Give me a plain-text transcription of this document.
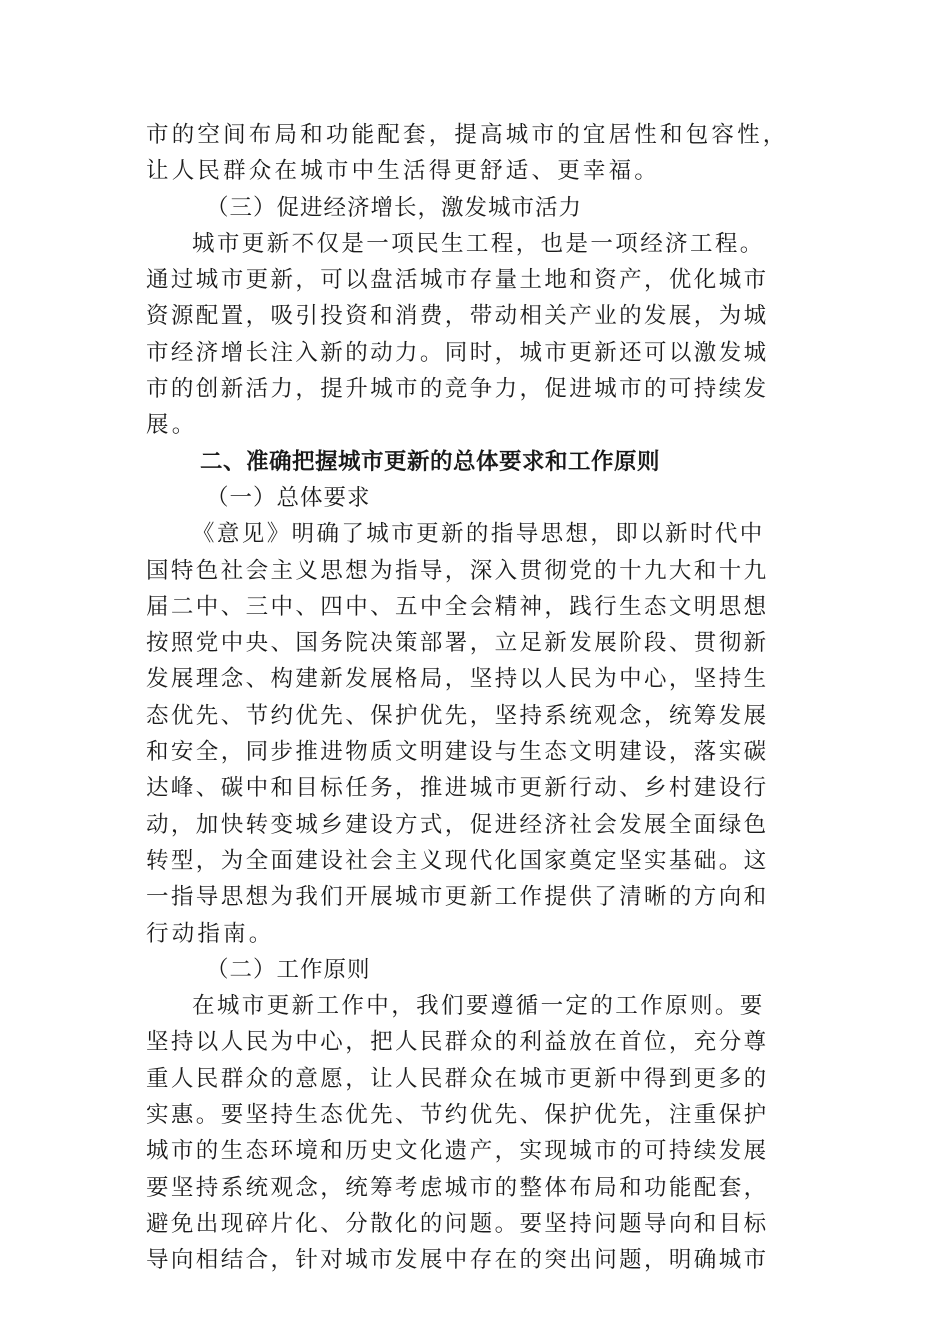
市的空间布局和功能配套，提高城市的宜居性和包容性，
让人民群众在城市中生活得更舒适、更幸福。
（三）促进经济增长，激发城市活力
城市更新不仅是一项民生工程，也是一项经济工程。
通过城市更新，可以盘活城市存量土地和资产，优化城市
资源配置，吸引投资和消费，带动相关产业的发展，为城
市经济增长注入新的动力。同时，城市更新还可以激发城
市的创新活力，提升城市的竞争力，促进城市的可持续发
展。
二、准确把握城市更新的总体要求和工作原则
（一）总体要求
《意见》明确了城市更新的指导思想，即以新时代中
国特色社会主义思想为指导，深入贯彻党的十九大和十九
届二中、三中、四中、五中全会精神，践行生态文明思想
按照党中央、国务院决策部署，立足新发展阶段、贯彻新
发展理念、构建新发展格局，坚持以人民为中心，坚持生
态优先、节约优先、保护优先，坚持系统观念，统筹发展
和安全，同步推进物质文明建设与生态文明建设，落实碳
达峰、碳中和目标任务，推进城市更新行动、乡村建设行
动，加快转变城乡建设方式，促进经济社会发展全面绿色
转型，为全面建设社会主义现代化国家奠定坚实基础。这
一指导思想为我们开展城市更新工作提供了清晰的方向和
行动指南。
（二）工作原则
在城市更新工作中，我们要遵循一定的工作原则。要
坚持以人民为中心，把人民群众的利益放在首位，充分尊
重人民群众的意愿，让人民群众在城市更新中得到更多的
实惠。要坚持生态优先、节约优先、保护优先，注重保护
城市的生态环境和历史文化遗产，实现城市的可持续发展
要坚持系统观念，统筹考虑城市的整体布局和功能配套，
避免出现碎片化、分散化的问题。要坚持问题导向和目标
导向相结合，针对城市发展中存在的突出问题，明确城市
